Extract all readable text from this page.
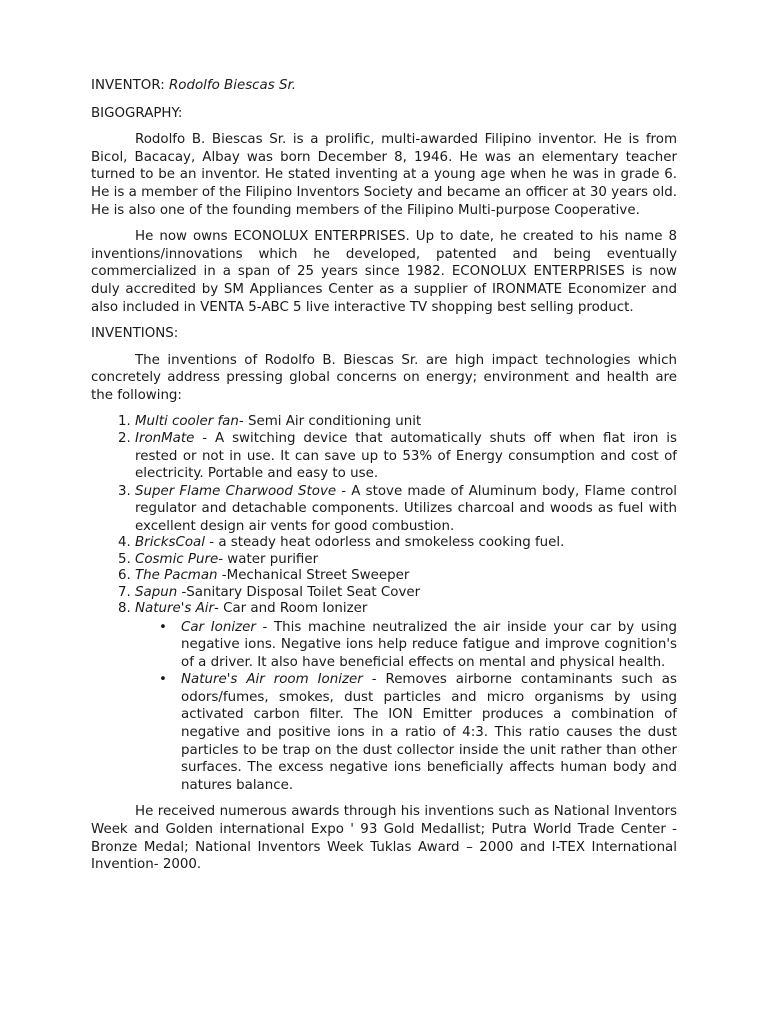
INVENTOR: Rodolfo Biescas Sr.

BIGOGRAPHY:

Rodolfo B. Biescas Sr. is a prolific, multi-awarded Filipino inventor. He is from Bicol, Bacacay, Albay was born December 8, 1946. He was an elementary teacher turned to be an inventor. He stated inventing at a young age when he was in grade 6. He is a member of the Filipino Inventors Society and became an officer at 30 years old. He is also one of the founding members of the Filipino Multi-purpose Cooperative.

He now owns ECONOLUX ENTERPRISES. Up to date, he created to his name 8 inventions/innovations which he developed, patented and being eventually commercialized in a span of 25 years since 1982. ECONOLUX ENTERPRISES is now duly accredited by SM Appliances Center as a supplier of IRONMATE Economizer and also included in VENTA 5-ABC 5 live interactive TV shopping best selling product.

INVENTIONS:

The inventions of Rodolfo B. Biescas Sr. are high impact technologies which concretely address pressing global concerns on energy; environment and health are the following:

1. Multi cooler fan- Semi Air conditioning unit
2. IronMate - A switching device that automatically shuts off when flat iron is rested or not in use. It can save up to 53% of Energy consumption and cost of electricity. Portable and easy to use.
3. Super Flame Charwood Stove - A stove made of Aluminum body, Flame control regulator and detachable components. Utilizes charcoal and woods as fuel with excellent design air vents for good combustion.
4. BricksCoal - a steady heat odorless and smokeless cooking fuel.
5. Cosmic Pure- water purifier
6. The Pacman -Mechanical Street Sweeper
7. Sapun -Sanitary Disposal Toilet Seat Cover
8. Nature's Air- Car and Room Ionizer
• Car Ionizer - This machine neutralized the air inside your car by using negative ions. Negative ions help reduce fatigue and improve cognition's of a driver. It also have beneficial effects on mental and physical health.
• Nature's Air room Ionizer - Removes airborne contaminants such as odors/fumes, smokes, dust particles and micro organisms by using activated carbon filter. The ION Emitter produces a combination of negative and positive ions in a ratio of 4:3. This ratio causes the dust particles to be trap on the dust collector inside the unit rather than other surfaces. The excess negative ions beneficially affects human body and natures balance.

He received numerous awards through his inventions such as National Inventors Week and Golden international Expo ' 93 Gold Medallist; Putra World Trade Center - Bronze Medal; National Inventors Week Tuklas Award – 2000 and I-TEX International Invention- 2000.
